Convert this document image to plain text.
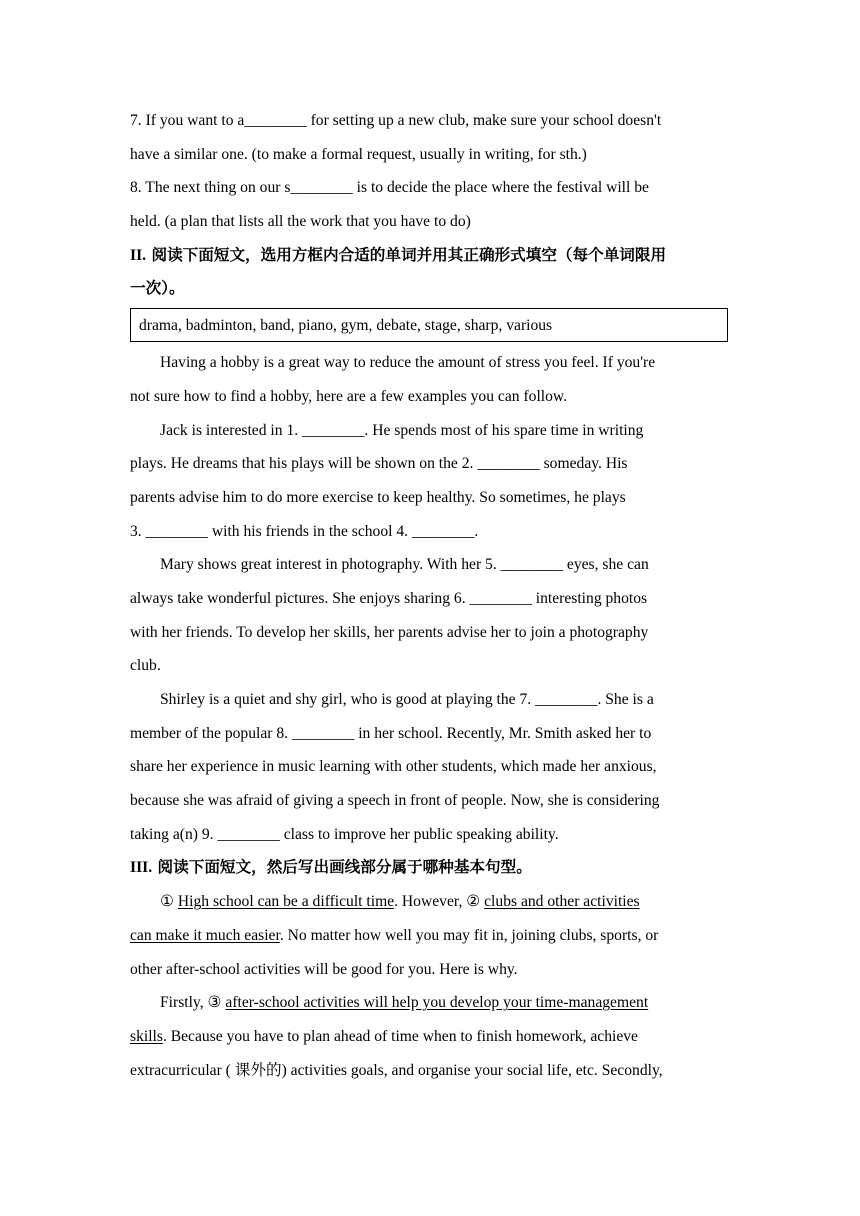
7. If you want to a________ for setting up a new club, make sure your school doesn't
have a similar one. (to make a formal request, usually in writing, for sth.)
8. The next thing on our s________ is to decide the place where the festival will be
held. (a plan that lists all the work that you have to do)
II. 阅读下面短文，选用方框内合适的单词并用其正确形式填空（每个单词限用
一次）。
drama, badminton, band, piano, gym, debate, stage, sharp, various
Having a hobby is a great way to reduce the amount of stress you feel. If you're
not sure how to find a hobby, here are a few examples you can follow.
Jack is interested in 1. ________. He spends most of his spare time in writing
plays. He dreams that his plays will be shown on the 2. ________ someday. His
parents advise him to do more exercise to keep healthy. So sometimes, he plays
3. ________ with his friends in the school 4. ________.
Mary shows great interest in photography. With her 5. ________ eyes, she can
always take wonderful pictures. She enjoys sharing 6. ________ interesting photos
with her friends. To develop her skills, her parents advise her to join a photography
club.
Shirley is a quiet and shy girl, who is good at playing the 7. ________. She is a
member of the popular 8. ________ in her school. Recently, Mr. Smith asked her to
share her experience in music learning with other students, which made her anxious,
because she was afraid of giving a speech in front of people. Now, she is considering
taking a(n) 9. ________ class to improve her public speaking ability.
III. 阅读下面短文，然后写出画线部分属于哪种基本句型。
① High school can be a difficult time. However, ② clubs and other activities
can make it much easier. No matter how well you may fit in, joining clubs, sports, or
other after-school activities will be good for you. Here is why.
Firstly, ③ after-school activities will help you develop your time-management
skills. Because you have to plan ahead of time when to finish homework, achieve
extracurricular ( 课外的) activities goals, and organise your social life, etc. Secondly,
